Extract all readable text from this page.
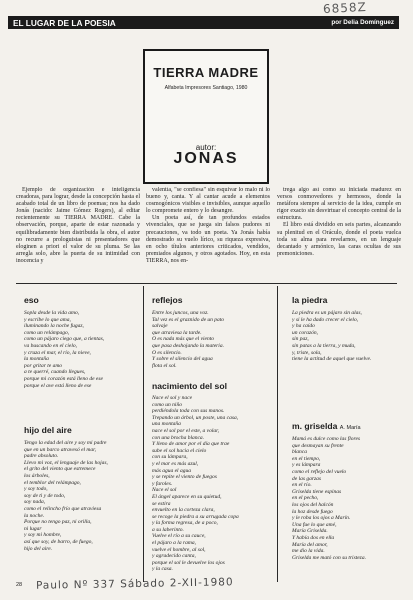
6858Z
EL LUGAR DE LA POESIA	por Delia Domínguez
TIERRA MADRE
Alfabeta Impresores Santiago, 1980
autor:
JONAS

Ejemplo de organización e inteligencia creadoras, para lograr, desde la concepción hasta el acabado total de un libro de poemas; nos ha dado Jonás (nacido: Jaime Gómez Rogers), al editar recientemente su TIERRA MADRE. Cabe la observación, porque, aparte de estar razonada y equilibradamente bien distribuida la obra, el autor no recurre a prologuistas ni presentadores que eloginen a priori el valor de su pluma. Se las arregla solo, abre la puerta de su intimidad con inocencia y

valentía, "se confiesa" sin esquivar lo malo ni lo bueno y, canta. Y al cantar acude a elementos cosmogónicos visibles e invisibles, aunque aquello lo compromete entero y lo desangre.

Un poeta así, de tan profundos estados vivenciales, que se juega sin falsos pudores ni precauciones, va todo un poeta. Ya Jonás había demostrado su vuelo lírico, su riqueza expresiva, en ocho títulos anteriores criticados, vendidos, premiados algunos, y otros agotados. Hoy, en esta TIERRA, nos en-

trega algo así como su iniciada madurez en versos conmovedores y hermosos, donde la metáfora siempre al servicio de la idea, cumple en rigor exacto sin desvirtuar el concepto central de la estructura.

El libro está dividido en seis partes, alcanzando su plenitud en el Oráculo, donde el poeta vuelca toda su alma para revelarnos, en un lenguaje decantado y armónico, las caras ocultas de sus premoniciones.

eso
Sopla desde la vida amo,
y escribe lo que ama,
iluminando la noche fugaz,
como un relámpago,
como un pájaro ciego que, a tientas,
va buscando en el cielo,
y cruza el mar, el río, la nieve,
la montaña
por gritar te amo
a te querré, cuando llegues,
porque mi corazón está lleno de ese
porque el ave está lleno de ese
hijo del aire
Tengo la edad del aire y soy mi padre
que en un barco atravesó el mar,
padre absoluto.
Llevo mi voz, el lenguaje de las hojas,
el grito del viento que estremece
los árboles,
el temblor del relámpago,
y soy todo,
soy de ti y de todo,
soy nada,
como el relincho frío que atraviesa
la noche.
Porque no tengo paz, ni orilla,
ni lugar
y soy mi hombre,
así que soy, de barro, de fuego,
hijo del aire.
reflejos
Entre los juncos, una voz.
Tal vez es el graznido de un pato
salvaje
que atraviesa la tarde.
O es nada más que el viento
que pasa deshojando la materia.
O es silencio.
Y sobre el silencio del agua
flota el sol.
nacimiento del sol
Nace el sol y nace
como un niño
perdiéndola toda con sus manos.
Trepando un árbol, un poste, una casa,
una montaña
nace el sol por el este, a volar,
con una brocha blanca.
Y lleno de amor por el día que trae
sube el sol hacia el cielo
con su lámpara,
y el mar es más azul,
más agua el agua
y se repite el viento de fuegos
y faroles.
Nace el sol
El ángel aparece en su quietud,
se estira
envuelto en la corteza clara,
se recoge la piedra a su arrugada copa
y la forma regresa, de a poco,
a su laberinto.
Vuelve el río a su cauce,
el pájaro a la rama,
vuelve el hombre, al sol,
y agradecido canta,
porque el sol le devuelve los ojos
y la casa.
la piedra
La piedra es un pájaro sin alas,
y si le ha dado crecer el cielo,
y ha caído
un corazón,
sin paz,
sin patas a la tierra, y muda,
y, triste, sola,
tiene la actitud de aquel que vuelve.
m. griselda A. María
Mamá es dulce como las flores
que desmayan su frente
blanca
en el tiempo,
y es lámpara
como el reflejo del vuelo
de las garzas
en el río.
Griselda tiene espinas
en el pecho,
los ojos del halcón
la hoz desde fuego
y le roba los ojos a Marín.
Una fue lo que amé,
María Griselda.
Y había dos en ella
María del amor,
me dio la vida.
Griselda me mató con su tristeza.
28 Paulo Nº 337 Sábado 2-XII-1980
